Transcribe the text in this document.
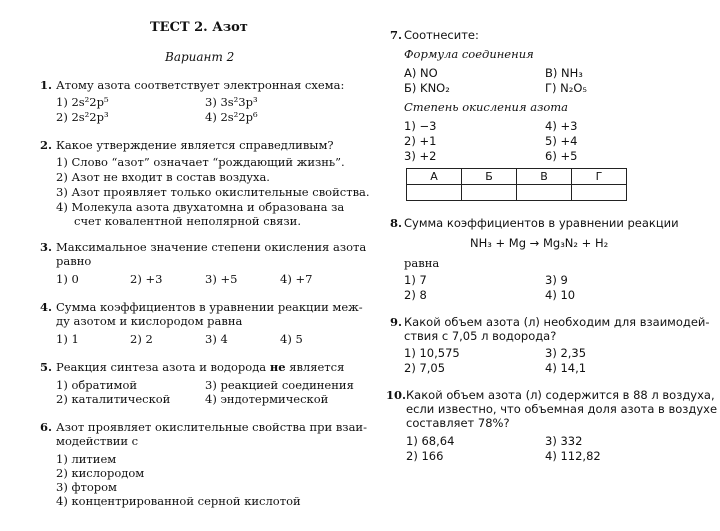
ТЕСТ 2. Азот
Вариант 2
1. Атому азота соответствует электронная схема:
1) 2s²2p⁵	3) 3s²3p³
2) 2s²2p³	4) 2s²2p⁶
2. Какое утверждение является справедливым?
1) Слово “азот” означает “рождающий жизнь”.
2) Азот не входит в состав воздуха.
3) Азот проявляет только окислительные свойства.
4) Молекула азота двухатомна и образована за
счет ковалентной неполярной связи.
3. Максимальное значение степени окисления азота
равно
1) 0	2) +3	3) +5	4) +7
4. Сумма коэффициентов в уравнении реакции меж-
ду азотом и кислородом равна
1) 1	2) 2	3) 4	4) 5
5. Реакция синтеза азота и водорода не является
1) обратимой	3) реакцией соединения
2) каталитической	4) эндотермической
6. Азот проявляет окислительные свойства при взаи-
модействии с
1) литием
2) кислородом
3) фтором
4) концентрированной серной кислотой
7. Соотнесите:
Формула соединения
А) NO	В) NH₃
Б) KNO₂	Г) N₂O₅
Степень окисления азота
1) −3	4) +3
2) +1	5) +4
3) +2	6) +5
А	Б	В	Г

8. Сумма коэффициентов в уравнении реакции
NH₃ + Mg → Mg₃N₂ + H₂
равна
1) 7	3) 9
2) 8	4) 10
9. Какой объем азота (л) необходим для взаимодей-
ствия с 7,05 л водорода?
1) 10,575	3) 2,35
2) 7,05	4) 14,1
10. Какой объем азота (л) содержится в 88 л воздуха,
если известно, что объемная доля азота в воздухе
составляет 78%?
1) 68,64	3) 332
2) 166	4) 112,82
